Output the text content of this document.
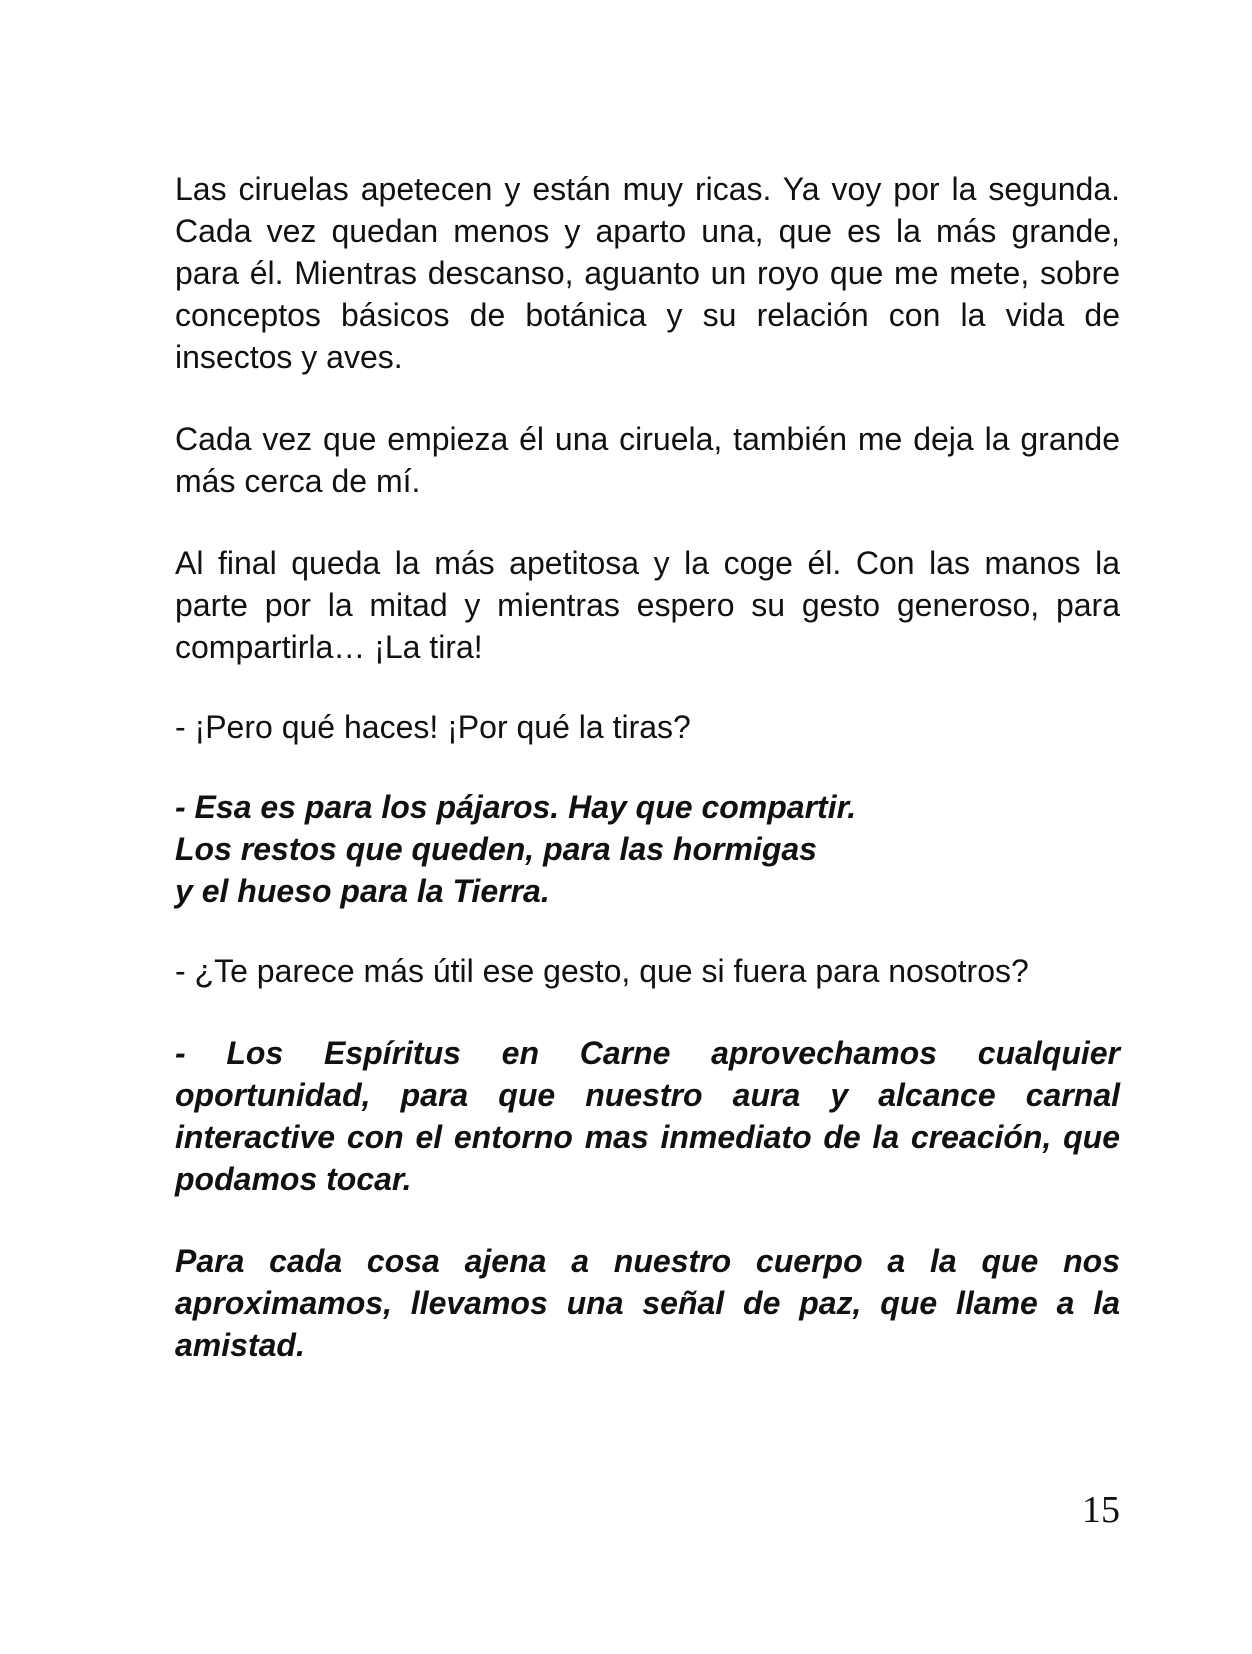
Las ciruelas apetecen y están muy ricas. Ya voy por la segunda. Cada vez quedan menos y aparto una, que es la más grande, para él. Mientras descanso, aguanto un royo que me mete, sobre conceptos básicos de botánica y su relación con la vida de insectos y aves.

Cada vez que empieza él una ciruela, también me deja la grande más cerca de mí.

Al final queda la más apetitosa y la coge él. Con las manos la parte por la mitad y mientras espero su gesto generoso, para compartirla… ¡La tira!

- ¡Pero qué haces! ¡Por qué la tiras?

- Esa es para los pájaros. Hay que compartir.
Los restos que queden, para las hormigas
y el hueso para la Tierra.

- ¿Te parece más útil ese gesto, que si fuera para nosotros?

- Los Espíritus en Carne aprovechamos cualquier oportunidad, para que nuestro aura y alcance carnal interactive con el entorno mas inmediato de la creación, que podamos tocar.

Para cada cosa ajena a nuestro cuerpo a la que nos aproximamos, llevamos una señal de paz, que llame a la amistad.

15
